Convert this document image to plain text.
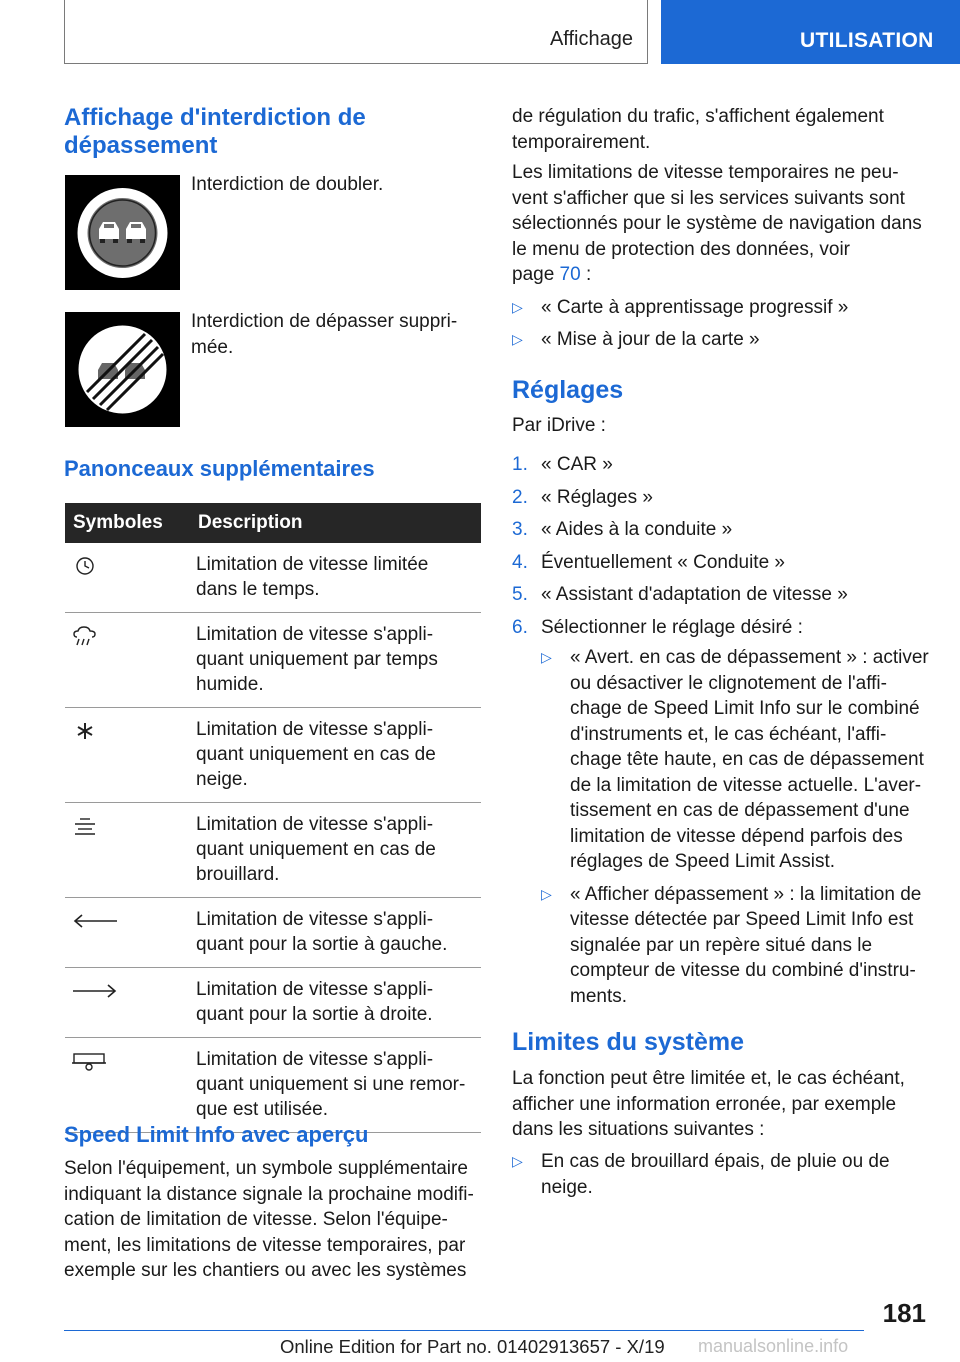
Affichage	UTILISATION
Affichage d'interdiction de
dépassement
Interdiction de doubler.
Interdiction de dépasser suppri-
mée.
Panonceaux supplémentaires
Symboles	Description

	Limitation de vitesse limitée
dans le temps.

	Limitation de vitesse s'appli-
quant uniquement par temps
humide.

	Limitation de vitesse s'appli-
quant uniquement en cas de
neige.

	Limitation de vitesse s'appli-
quant uniquement en cas de
brouillard.

	Limitation de vitesse s'appli-
quant pour la sortie à gauche.

	Limitation de vitesse s'appli-
quant pour la sortie à droite.

	Limitation de vitesse s'appli-
quant uniquement si une remor-
que est utilisée.
Speed Limit Info avec aperçu
Selon l'équipement, un symbole supplémentaire
indiquant la distance signale la prochaine modifi-
cation de limitation de vitesse. Selon l'équipe-
ment, les limitations de vitesse temporaires, par
exemple sur les chantiers ou avec les systèmes
de régulation du trafic, s'affichent également
temporairement.
Les limitations de vitesse temporaires ne peu-
vent s'afficher que si les services suivants sont
sélectionnés pour le système de navigation dans
le menu de protection des données, voir
page 70 :
▷ « Carte à apprentissage progressif »
▷ « Mise à jour de la carte »
Réglages
Par iDrive :
1. « CAR »
2. « Réglages »
3. « Aides à la conduite »
4. Éventuellement « Conduite »
5. « Assistant d'adaptation de vitesse »
6. Sélectionner le réglage désiré :
▷ « Avert. en cas de dépassement » : activer
ou désactiver le clignotement de l'affi-
chage de Speed Limit Info sur le combiné
d'instruments et, le cas échéant, l'affi-
chage tête haute, en cas de dépassement
de la limitation de vitesse actuelle. L'aver-
tissement en cas de dépassement d'une
limitation de vitesse dépend parfois des
réglages de Speed Limit Assist.
▷ « Afficher dépassement » : la limitation de
vitesse détectée par Speed Limit Info est
signalée par un repère situé dans le
compteur de vitesse du combiné d'instru-
ments.
Limites du système
La fonction peut être limitée et, le cas échéant,
afficher une information erronée, par exemple
dans les situations suivantes :
▷ En cas de brouillard épais, de pluie ou de
neige.
181
Online Edition for Part no. 01402913657 - X/19 manualsonline.info
